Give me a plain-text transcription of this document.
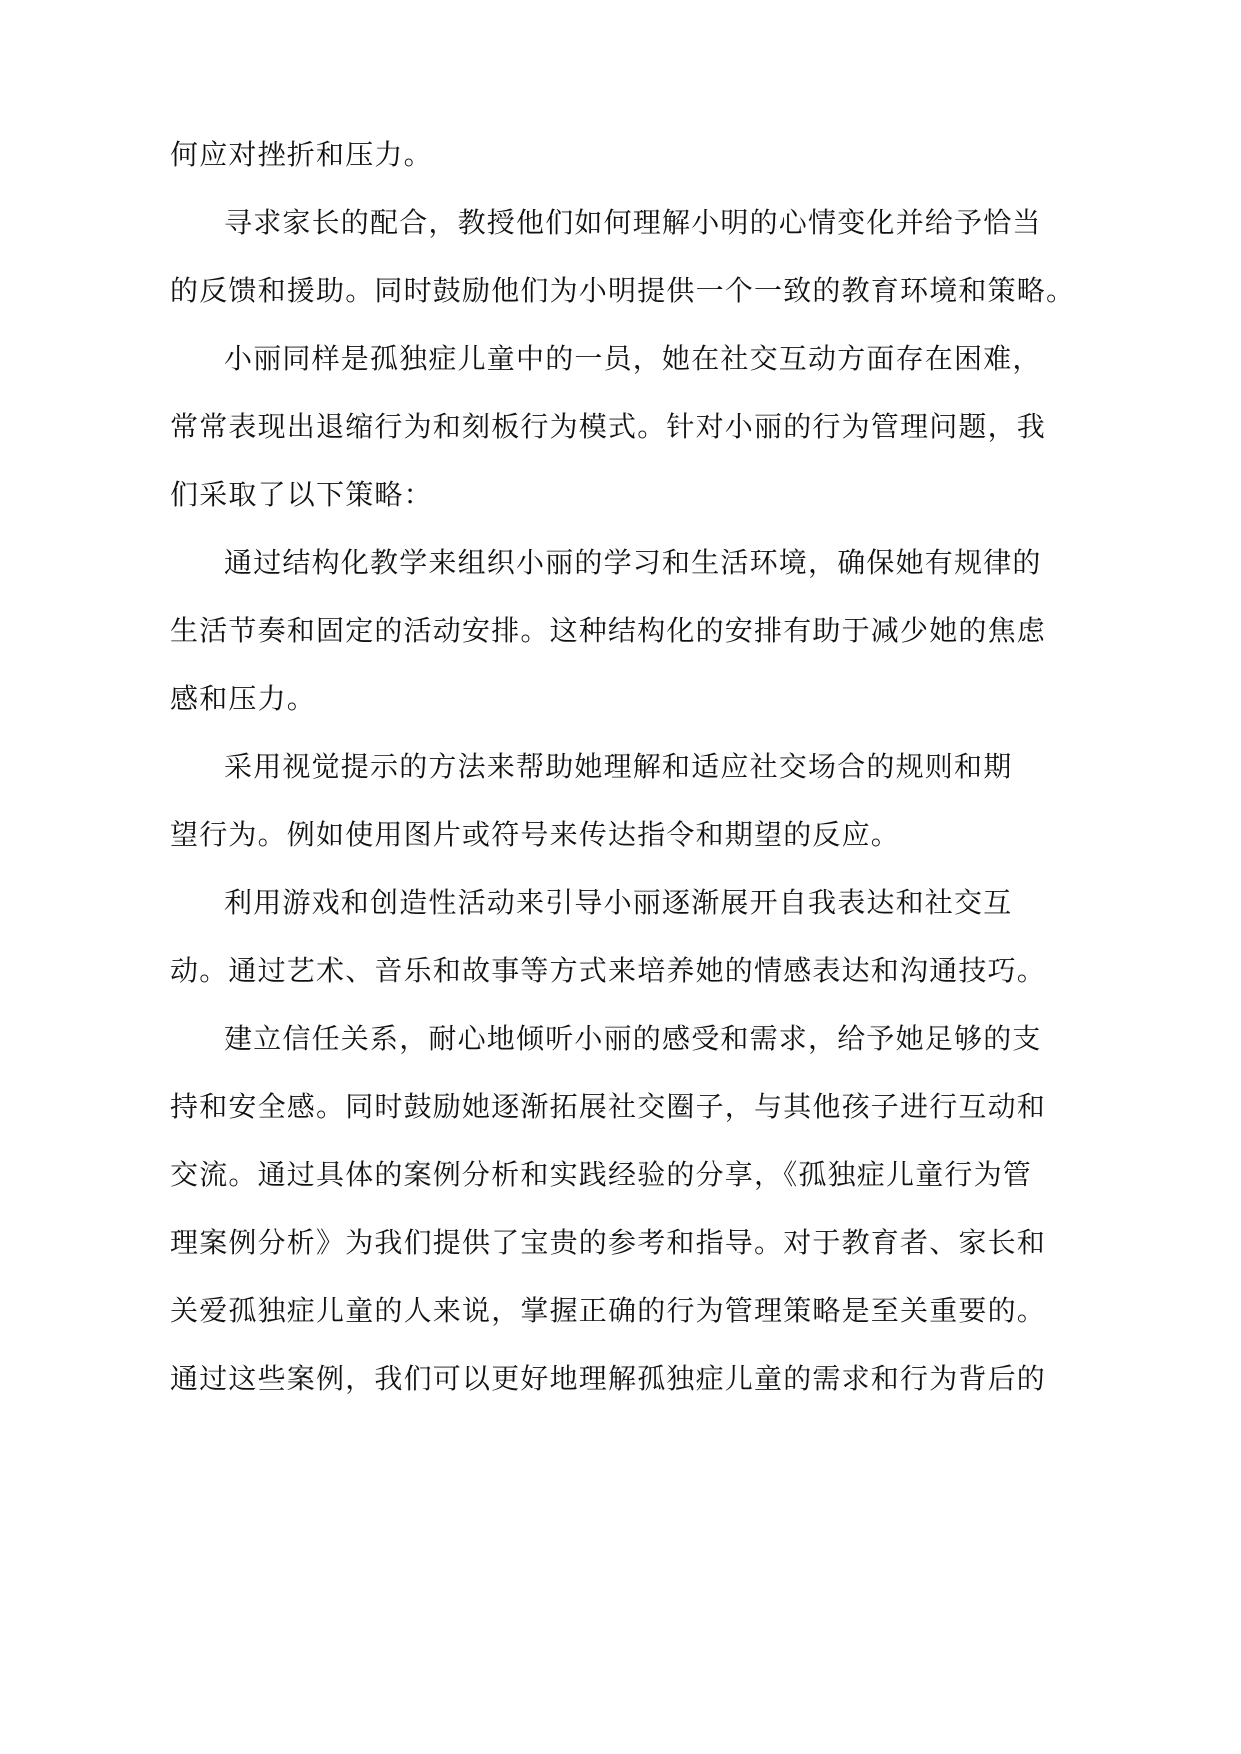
何应对挫折和压力。

寻求家长的配合，教授他们如何理解小明的心情变化并给予恰当

的反馈和援助。同时鼓励他们为小明提供一个一致的教育环境和策略。

小丽同样是孤独症儿童中的一员，她在社交互动方面存在困难，

常常表现出退缩行为和刻板行为模式。针对小丽的行为管理问题，我

们采取了以下策略：

通过结构化教学来组织小丽的学习和生活环境，确保她有规律的

生活节奏和固定的活动安排。这种结构化的安排有助于减少她的焦虑

感和压力。

采用视觉提示的方法来帮助她理解和适应社交场合的规则和期

望行为。例如使用图片或符号来传达指令和期望的反应。

利用游戏和创造性活动来引导小丽逐渐展开自我表达和社交互

动。通过艺术、音乐和故事等方式来培养她的情感表达和沟通技巧。

建立信任关系，耐心地倾听小丽的感受和需求，给予她足够的支

持和安全感。同时鼓励她逐渐拓展社交圈子，与其他孩子进行互动和

交流。通过具体的案例分析和实践经验的分享，《孤独症儿童行为管

理案例分析》为我们提供了宝贵的参考和指导。对于教育者、家长和

关爱孤独症儿童的人来说，掌握正确的行为管理策略是至关重要的。

通过这些案例，我们可以更好地理解孤独症儿童的需求和行为背后的
